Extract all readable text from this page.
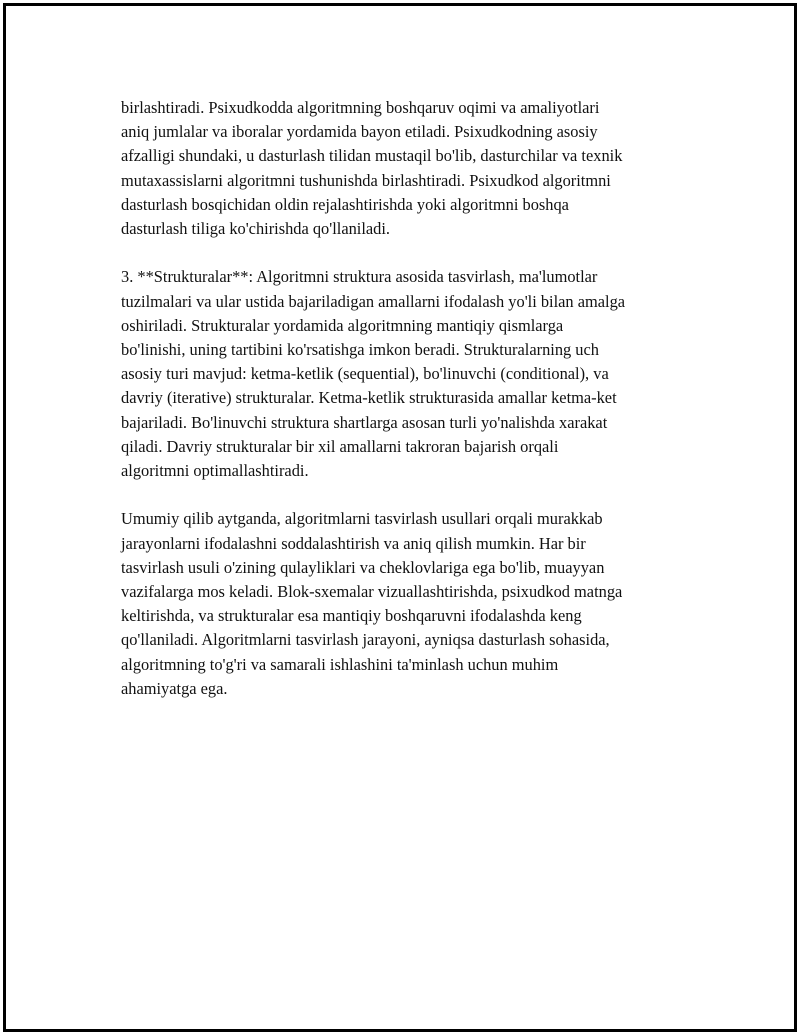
birlashtiradi. Psixudkodda algoritmning boshqaruv oqimi va amaliyotlari
aniq jumlalar va iboralar yordamida bayon etiladi. Psixudkodning asosiy
afzalligi shundaki, u dasturlash tilidan mustaqil bo'lib, dasturchilar va texnik
mutaxassislarni algoritmni tushunishda birlashtiradi. Psixudkod algoritmni
dasturlash bosqichidan oldin rejalashtirishda yoki algoritmni boshqa
dasturlash tiliga ko'chirishda qo'llaniladi.

3. **Strukturalar**: Algoritmni struktura asosida tasvirlash, ma'lumotlar
tuzilmalari va ular ustida bajariladigan amallarni ifodalash yo'li bilan amalga
oshiriladi. Strukturalar yordamida algoritmning mantiqiy qismlarga
bo'linishi, uning tartibini ko'rsatishga imkon beradi. Strukturalarning uch
asosiy turi mavjud: ketma-ketlik (sequential), bo'linuvchi (conditional), va
davriy (iterative) strukturalar. Ketma-ketlik strukturasida amallar ketma-ket
bajariladi. Bo'linuvchi struktura shartlarga asosan turli yo'nalishda xarakat
qiladi. Davriy strukturalar bir xil amallarni takroran bajarish orqali
algoritmni optimallashtiradi.

Umumiy qilib aytganda, algoritmlarni tasvirlash usullari orqali murakkab
jarayonlarni ifodalashni soddalashtirish va aniq qilish mumkin. Har bir
tasvirlash usuli o'zining qulayliklari va cheklovlariga ega bo'lib, muayyan
vazifalarga mos keladi. Blok-sxemalar vizuallashtirishda, psixudkod matnga
keltirishda, va strukturalar esa mantiqiy boshqaruvni ifodalashda keng
qo'llaniladi. Algoritmlarni tasvirlash jarayoni, ayniqsa dasturlash sohasida,
algoritmning to'g'ri va samarali ishlashini ta'minlash uchun muhim
ahamiyatga ega.
